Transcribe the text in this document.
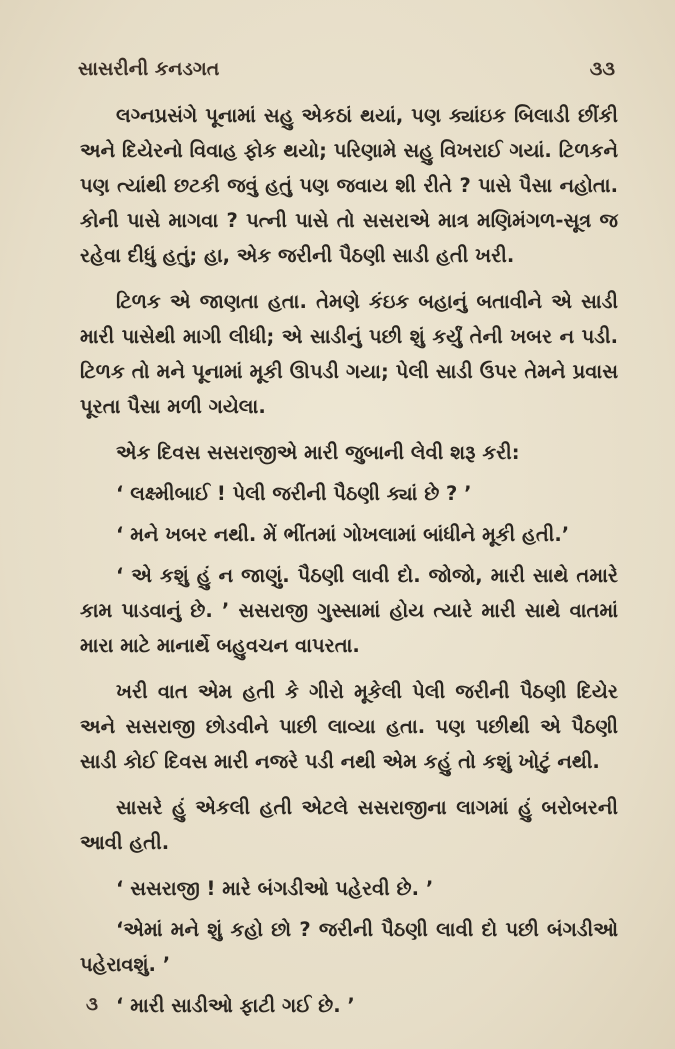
સાસરીની કનડગત	૩૩

લગ્નપ્રસંગે પૂનામાં સહુ એકઠાં થયાં, પણ ક્યાંઇક બિલાડી છીંકી અને દિયેરનો વિવાહ ફોક થયો; પરિણામે સહુ વિખરાઈ ગયાં. ટિળકને પણ ત્યાંથી છટકી જવું હતું પણ જવાય શી રીતે ? પાસે પૈસા નહોતા. કોની પાસે માગવા ? પત્ની પાસે તો સસરાએ માત્ર મણિમંગળ-સૂત્ર જ રહેવા દીધું હતું; હા, એક જરીની પૈઠણી સાડી હતી ખરી.

ટિળક એ જાણતા હતા. તેમણે કંઇક બહાનું બતાવીને એ સાડી મારી પાસેથી માગી લીધી; એ સાડીનું પછી શું કર્યું તેની ખબર ન પડી. ટિળક તો મને પૂનામાં મૂકી ઊપડી ગયા; પેલી સાડી ઉપર તેમને પ્રવાસ પૂરતા પૈસા મળી ગયેલા.

એક દિવસ સસરાજીએ મારી જુબાની લેવી શરૂ કરી:

‘ લક્ષ્મીબાઈ ! પેલી જરીની પૈઠણી ક્યાં છે ? ’

‘ મને ખબર નથી. મેં ભીંતમાં ગોખલામાં બાંધીને મૂકી હતી.’

‘ એ કશું હું ન જાણું. પૈઠણી લાવી દો. જોજો, મારી સાથે તમારે કામ પાડવાનું છે. ’ સસરાજી ગુસ્સામાં હોય ત્યારે મારી સાથે વાતમાં મારા માટે માનાર્થે બહુવચન વાપરતા.

ખરી વાત એમ હતી કે ગીરો મૂકેલી પેલી જરીની પૈઠણી દિયેર અને સસરાજી છોડવીને પાછી લાવ્યા હતા. પણ પછીથી એ પૈઠણી સાડી કોઈ દિવસ મારી નજરે પડી નથી એમ કહું તો કશું ખોટું નથી.

સાસરે હું એકલી હતી એટલે સસરાજીના લાગમાં હું બરોબરની આવી હતી.

‘ સસરાજી ! મારે બંગડીઓ પહેરવી છે. ’

‘એમાં મને શું કહો છો ? જરીની પૈઠણી લાવી દો પછી બંગડીઓ પહેરાવશું. ’

‘ મારી સાડીઓ ફાટી ગઈ છે. ’

૩
